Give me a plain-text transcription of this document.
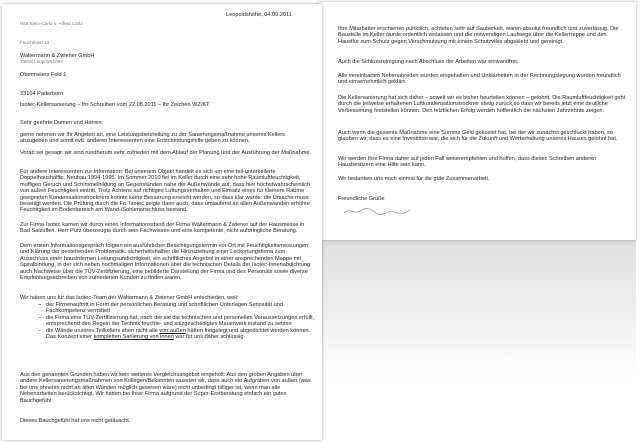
Rita Stein-Carla u. Alfred Carla

Feuchtnest 13

33818 Leopoldshöhe

Leopoldshöhe, 04.09.2011

Waltermann & Zwiener GmbH

Obermeiers Feld 1

33104 Paderborn

Isotec-Kellersanierung – Ihr Schreiben vom 22.08.2011 – Ihr Zeichen WZ/KT
Sehr geehrte Damen und Herren,
gerne nehmen wir Ihr Angebot an, eine Leistungsbeurteilung zu der Sanierungsmaßnahme unseres Kellers abzugeben und somit evtl. anderen Interessenten eine Entscheidungshilfe geben zu können.
Vorab sei gesagt: wir sind rundherum sehr zufrieden mit dem Ablauf der Planung und der Ausführung der Maßnahme.
Für andere Interessenten zur Information: Bei unserem Objekt handelt es sich um eine teil-unterkellerte Doppelhaushälfte, Neubau 1994-1995. Im Sommer 2010 fiel im Keller durch eine sehr hohe Raumluftfeuchtigkeit, muffigen Geruch und Schimmelbildung an Gegenständen nahe der Außenwände auf, dass hier höchstwahrscheinlich von außen Feuchtigkeit eintritt. Trotz Achtens auf richtiges Lüftungsverhalten und Einsatz eines für kleinere Räume geeigneten Kondensationstrockners konnte keine Besserung erreicht werden, so dass klar wurde: die Ursache muss beseitigt werden. Die Prüfung durch die Fa. Isotec zeigte dann auch, dass umlaufend an allen Außenwänden erhöhte Feuchtigkeit im Bodenbereich am Wand-/Sohlenanschluss bestand.
Zur Firma Isotec kamen wir durch einen Informationsstand der Firma Waltermann & Zwiener auf der Hausmesse in Bad Salzuflen. Herr Purz überzeugte durch sein Fachwissen und eine kompetente, nicht aufdringliche Beratung.
Dem ersten Informationsgespräch folgten ein ausführlicher Besichtigungstermin vor Ort mit Feuchtigkeitsmessungen und Klärung der bestehenden Problematik, sicherheitshalber die Hinzuziehung einer Leckortungsfirma zum Ausschluss einer hausinternen Leitungsundichtigkeit, ein schriftliches Angebot in einer ansprechenden Mappe mit Spiralbindung, in der sich neben nochmaligen Informationen über die technischen Details der Isotec-Innenabdichtung auch Nachweise über die TÜV-Zertifizierung, eine bebilderte Darstellung der Firma und des Personals sowie diverse Empfehlungsschreiben von zufriedenen Kunden zu finden waren.
Wir haben uns für das Isotec-Team der Waltermann & Zwiener GmbH entschieden, weil:
– der Firmenauftritt in Form der persönlichen Beratung und schriftlichen Unterlagen Seriosität und Fachkompetenz vermittelt
– die Firma eine TÜV-Zertifizierung hat, nach der sie die technischen und personellen Voraussetzungen erfüllt, entsprechend den Regeln der Technik feuchte- und salzgeschädigtes Mauerwerk instand zu setzen
– die Wände unseres Teilkellers eben nicht alle von außen hätten freigelegt und abgedichtet werden können. Das Konzept einer kompletten Sanierung von innen war für uns daher schlüssig.
Aus den genannten Gründen haben wir kein weiteres Vergleichsangebot eingeholt. Aus den groben Angaben über andere Kellersanierungsmaßnahmen von Kollegen/Bekannten wussten wir, dass auch ein Aufgraben von außen (was bei uns ohnehin nicht an allen Wänden möglich gewesen wäre) nicht unbedingt billiger ist, wenn man alle Nebenarbeiten berücksichtigt. Wir hatten bei Ihrer Firma aufgrund der Super-Erstberatung einfach ein gutes Bauchgefühl.
Dieses Bauchgefühl hat uns nicht getäuscht.
Ihre Mitarbeiter erschienen pünktlich, achteten sehr auf Sauberkeit, waren absolut freundlich und zuverlässig. Die Baustelle im Keller wurde ordentlich verlassen und die notwendigen Laufwege über die Kellertreppe und den Hausflur zum Schutz gegen Verschmutzung mit einem Schutzvlies abgeklebt und gereinigt.
Auch die Schlussreinigung nach Abschluss der Arbeiten war einwandfrei.
Alle vereinbarten Nebenabreden wurden eingehalten und Unklarheiten in der Rechnungslegung wurden freundlich und einvernehmlich geklärt.
Die Kellersanierung hat sich daher – soweit wir es bisher beurteilen können – gelohnt. Die Raumluftfeuchtigkeit geht durch die teilweise erhaltenen Luftkondensationstrockner stetig zurück,so dass wir bereits jetzt eine deutliche Verbesserung feststellen können. Den letztlichen Erfolg werden hoffentlich die nächsten Jahrzehnte zeigen.
Auch wenn die gesamte Maßnahme eine Summe Geld gekostet hat, bei der wir zunächst geschluckt haben, so glauben wir, dass es eine Investition war, die sich für die Zukunft und Werterhaltung unseres Hauses gelohnt hat.
Wir werden Ihre Firma daher auf jeden Fall weiterempfehlen und hoffen, dass dieses Schreiben anderen Hausbesitzern eine Hilfe sein kann.
Wir bedanken uns noch einmal für die gute Zusammenarbeit.
Freundliche Grüße
